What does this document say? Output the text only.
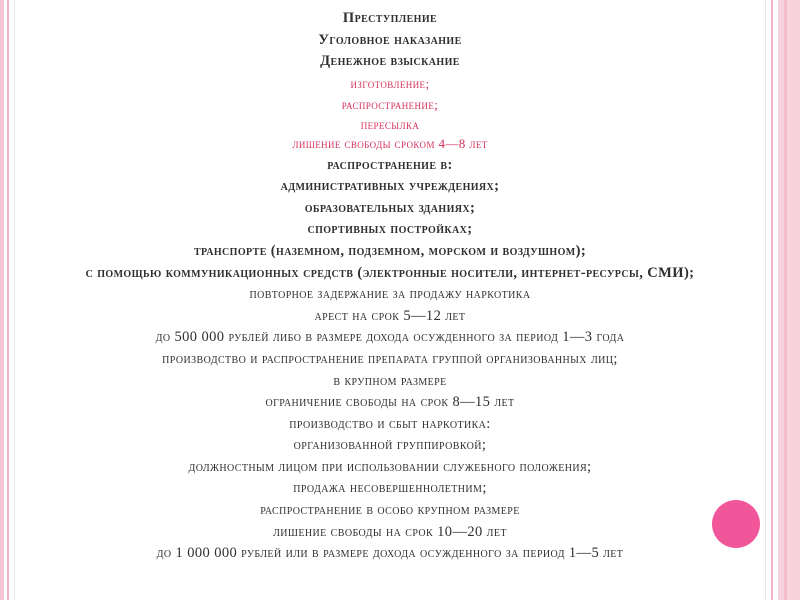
Преступление
Уголовное наказание
Денежное взыскание
изготовление;
распространение;
пересылка
лишение свободы сроком 4—8 лет
распространение в:
административных учреждениях;
образовательных зданиях;
спортивных постройках;
транспорте (наземном, подземном, морском и воздушном);
с помощью коммуникационных средств (электронные носители, интернет-ресурсы, СМИ);
повторное задержание за продажу наркотика
арест на срок 5—12 лет
до 500 000 рублей либо в размере дохода осужденного за период 1—3 года
производство и распространение препарата группой организованных лиц;
в крупном размере
ограничение свободы на срок 8—15 лет
производство и сбыт наркотика:
организованной группировкой;
должностным лицом при использовании служебного положения;
продажа несовершеннолетним;
распространение в особо крупном размере
лишение свободы на срок 10—20 лет
до 1 000 000 рублей или в размере дохода осужденного за период 1—5 лет
